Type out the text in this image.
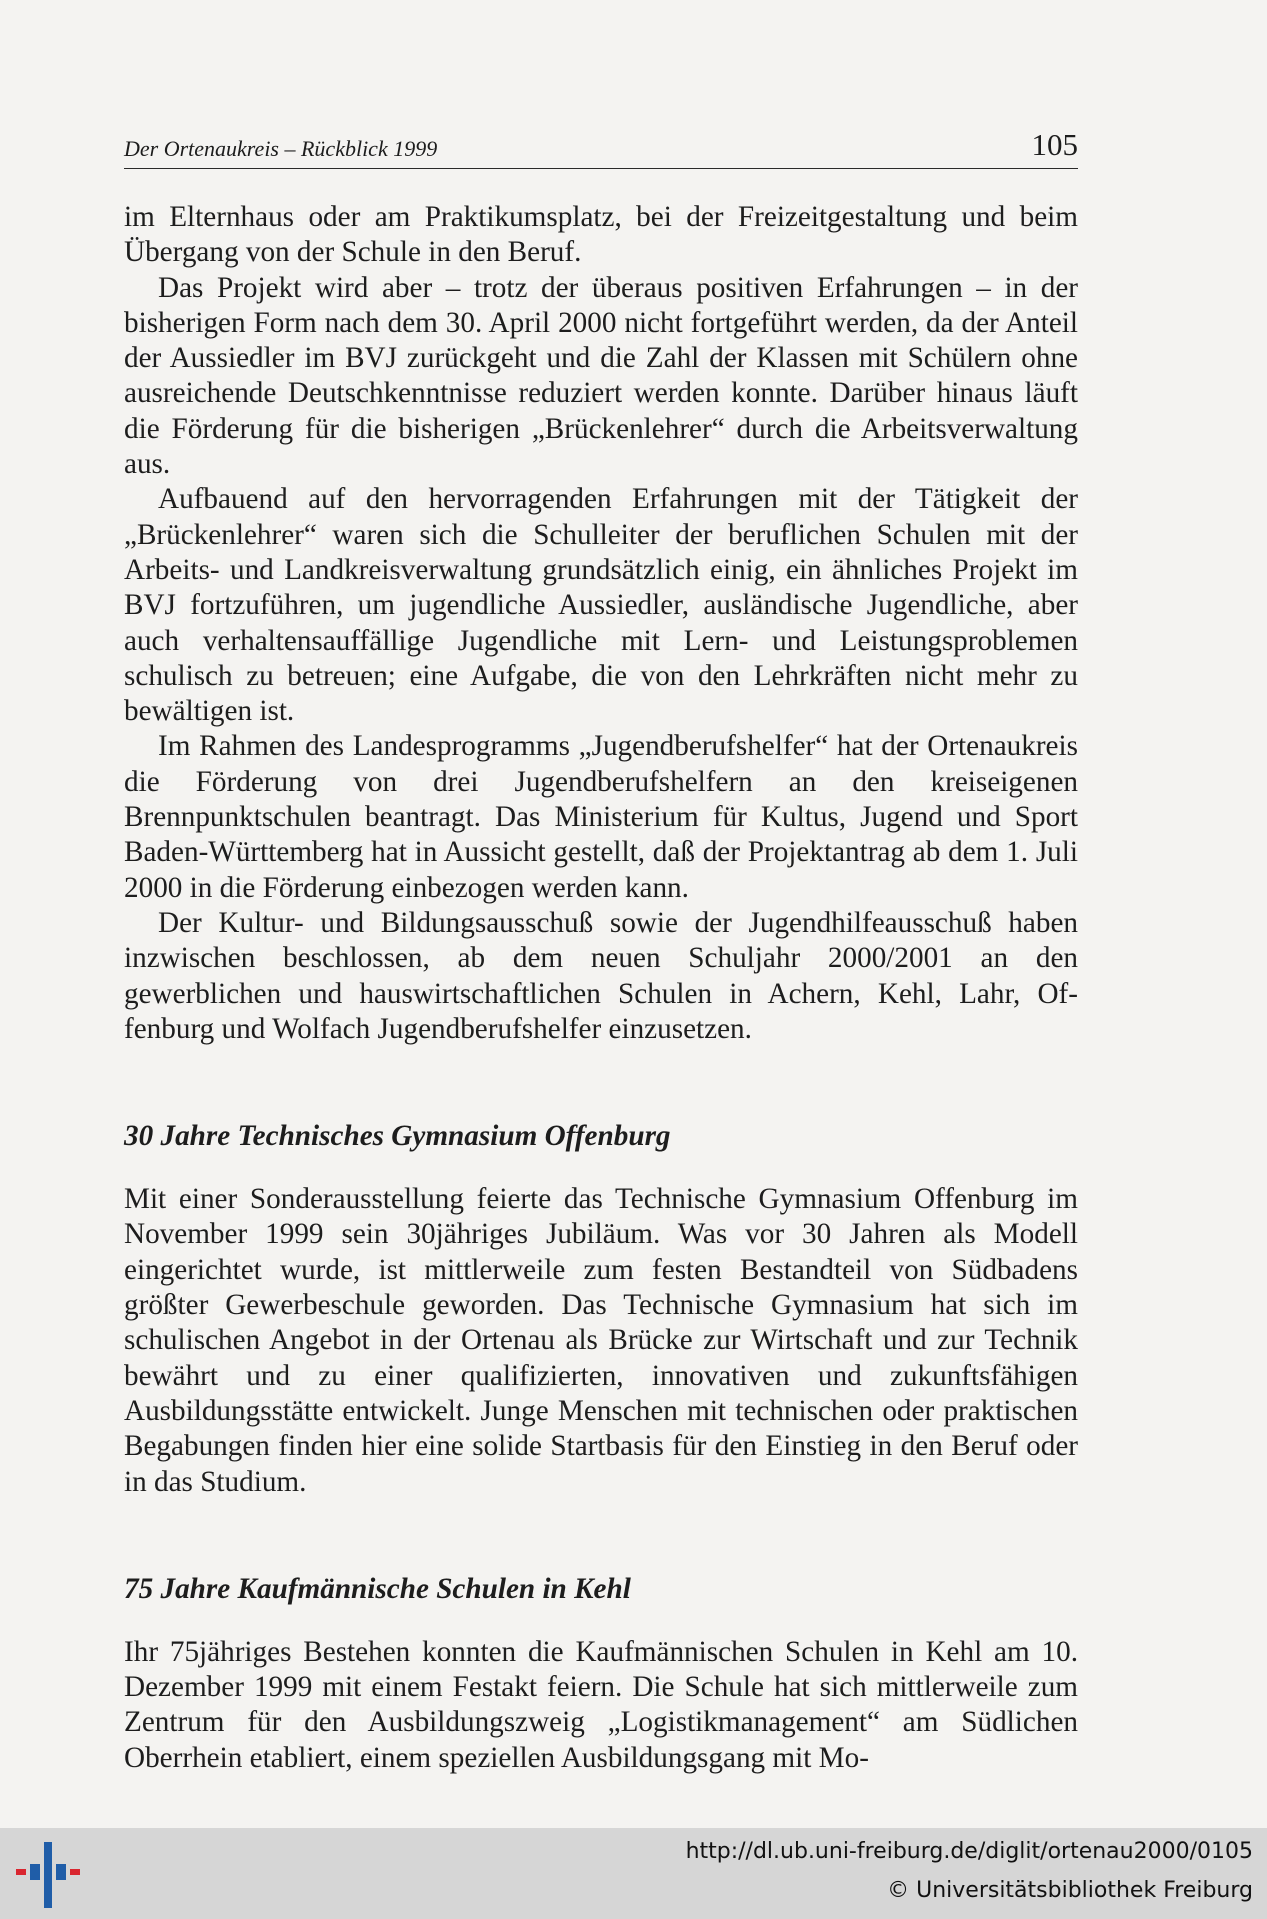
Der Ortenaukreis – Rückblick 1999	105

im Elternhaus oder am Praktikumsplatz, bei der Freizeitgestaltung und beim Übergang von der Schule in den Beruf.

Das Projekt wird aber – trotz der überaus positiven Erfahrungen – in der bisherigen Form nach dem 30. April 2000 nicht fortgeführt werden, da der Anteil der Aussiedler im BVJ zurückgeht und die Zahl der Klassen mit Schülern ohne ausreichende Deutschkenntnisse reduziert werden konnte. Darüber hinaus läuft die Förderung für die bisherigen „Brückenlehrer“ durch die Arbeitsverwaltung aus.

Aufbauend auf den hervorragenden Erfahrungen mit der Tätigkeit der „Brückenlehrer“ waren sich die Schulleiter der beruflichen Schulen mit der Arbeits- und Landkreisverwaltung grundsätzlich einig, ein ähnliches Projekt im BVJ fortzuführen, um jugendliche Aussiedler, ausländische Jugendliche, aber auch verhaltensauffällige Jugendliche mit Lern- und Leistungsproblemen schulisch zu betreuen; eine Aufgabe, die von den Lehrkräften nicht mehr zu bewältigen ist.

Im Rahmen des Landesprogramms „Jugendberufshelfer“ hat der Ortenaukreis die Förderung von drei Jugendberufshelfern an den kreiseigenen Brennpunktschulen beantragt. Das Ministerium für Kultus, Jugend und Sport Baden-Württemberg hat in Aussicht gestellt, daß der Projektantrag ab dem 1. Juli 2000 in die Förderung einbezogen werden kann.

Der Kultur- und Bildungsausschuß sowie der Jugendhilfeausschuß haben inzwischen beschlossen, ab dem neuen Schuljahr 2000/2001 an den gewerblichen und hauswirtschaftlichen Schulen in Achern, Kehl, Lahr, Offenburg und Wolfach Jugendberufshelfer einzusetzen.

30 Jahre Technisches Gymnasium Offenburg

Mit einer Sonderausstellung feierte das Technische Gymnasium Offenburg im November 1999 sein 30jähriges Jubiläum. Was vor 30 Jahren als Modell eingerichtet wurde, ist mittlerweile zum festen Bestandteil von Südbadens größter Gewerbeschule geworden. Das Technische Gymnasium hat sich im schulischen Angebot in der Ortenau als Brücke zur Wirtschaft und zur Technik bewährt und zu einer qualifizierten, innovativen und zukunftsfähigen Ausbildungsstätte entwickelt. Junge Menschen mit technischen oder praktischen Begabungen finden hier eine solide Startbasis für den Einstieg in den Beruf oder in das Studium.

75 Jahre Kaufmännische Schulen in Kehl

Ihr 75jähriges Bestehen konnten die Kaufmännischen Schulen in Kehl am 10. Dezember 1999 mit einem Festakt feiern. Die Schule hat sich mittlerweile zum Zentrum für den Ausbildungszweig „Logistikmanagement“ am Südlichen Oberrhein etabliert, einem speziellen Ausbildungsgang mit Mo-

http://dl.ub.uni-freiburg.de/diglit/ortenau2000/0105
© Universitätsbibliothek Freiburg
